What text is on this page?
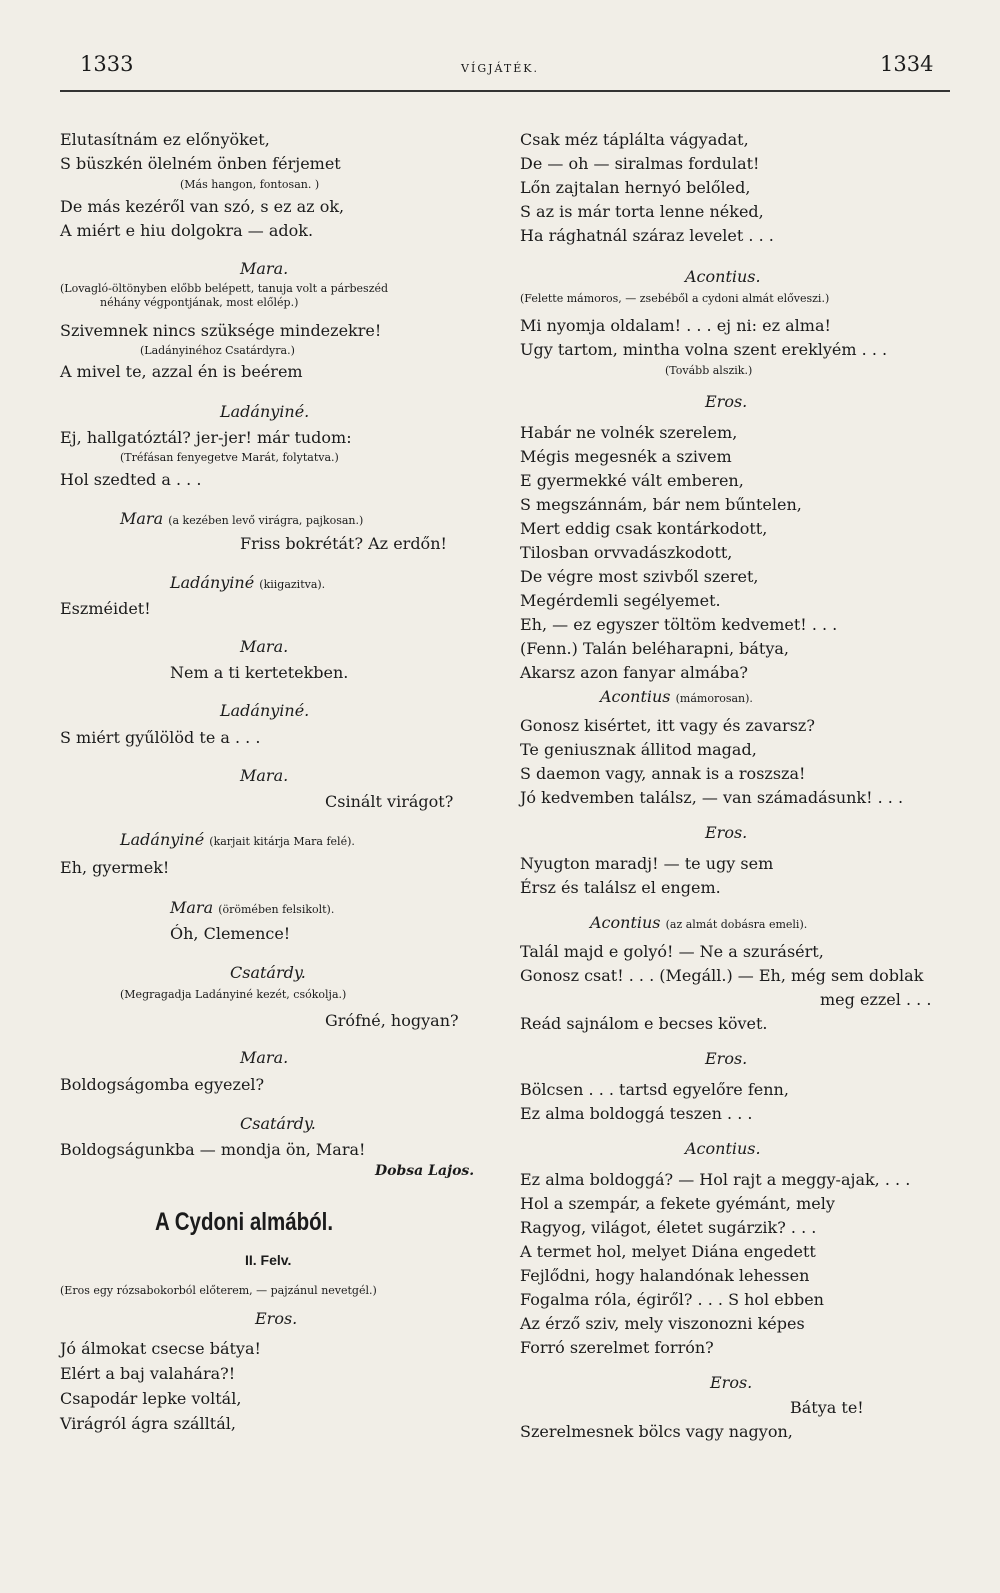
1333	VÍGJÁTÉK.	1334
Elutasítnám ez előnyöket,
S büszkén ölelném önben férjemet
(Más hangon, fontosan. )
De más kezéről van szó, s ez az ok,
A miért e hiu dolgokra — adok.
Mara.
(Lovagló-öltönyben előbb belépett, tanuja volt a párbeszéd
néhány végpontjának, most előlép.)
Szivemnek nincs szüksége mindezekre!
(Ladányinéhoz Csatárdyra.)
A mivel te, azzal én is beérem
Ladányiné.
Ej, hallgatóztál? jer-jer! már tudom:
(Tréfásan fenyegetve Marát, folytatva.)
Hol szedted a . . .
Mara (a kezében levő virágra, pajkosan.)
Friss bokrétát? Az erdőn!
Ladányiné (kiigazitva).
Eszméidet!
Mara.
Nem a ti kertetekben.
Ladányiné.
S miért gyűlölöd te a . . .
Mara.
Csinált virágot?
Ladányiné (karjait kitárja Mara felé).
Eh, gyermek!
Mara (örömében felsikolt).
Óh, Clemence!
Csatárdy.
(Megragadja Ladányiné kezét, csókolja.)
Grófné, hogyan?
Mara.
Boldogságomba egyezel?
Csatárdy.
Boldogságunkba — mondja ön, Mara!
Dobsa Lajos.
A Cydoni almából.
II. Felv.
(Eros egy rózsabokorból előterem, — pajzánul nevetgél.)
Eros.
Jó álmokat csecse bátya!
Elért a baj valahára?!
Csapodár lepke voltál,
Virágról ágra szálltál,
Csak méz táplálta vágyadat,
De — oh — siralmas fordulat!
Lőn zajtalan hernyó belőled,
S az is már torta lenne néked,
Ha rághatnál száraz levelet . . .
Acontius.
(Felette mámoros, — zsebéből a cydoni almát előveszi.)
Mi nyomja oldalam! . . . ej ni: ez alma!
Ugy tartom, mintha volna szent ereklyém . . .
(Tovább alszik.)
Eros.
Habár ne volnék szerelem,
Mégis megesnék a szivem
E gyermekké vált emberen,
S megszánnám, bár nem bűntelen,
Mert eddig csak kontárkodott,
Tilosban orvvadászkodott,
De végre most szivből szeret,
Megérdemli segélyemet.
Eh, — ez egyszer töltöm kedvemet! . . .
(Fenn.) Talán beléharapni, bátya,
Akarsz azon fanyar almába?
Acontius (mámorosan).
Gonosz kisértet, itt vagy és zavarsz?
Te geniusznak állitod magad,
S daemon vagy, annak is a roszsza!
Jó kedvemben találsz, — van számadásunk! . . .
Eros.
Nyugton maradj! — te ugy sem
Érsz és találsz el engem.
Acontius (az almát dobásra emeli).
Talál majd e golyó! — Ne a szurásért,
Gonosz csat! . . . (Megáll.) — Eh, még sem doblak
meg ezzel . . .
Reád sajnálom e becses követ.
Eros.
Bölcsen . . . tartsd egyelőre fenn,
Ez alma boldoggá teszen . . .
Acontius.
Ez alma boldoggá? — Hol rajt a meggy-ajak, . . .
Hol a szempár, a fekete gyémánt, mely
Ragyog, világot, életet sugárzik? . . .
A termet hol, melyet Diána engedett
Fejlődni, hogy halandónak lehessen
Fogalma róla, égiről? . . . S hol ebben
Az érző sziv, mely viszonozni képes
Forró szerelmet forrón?
Eros.
Bátya te!
Szerelmesnek bölcs vagy nagyon,
